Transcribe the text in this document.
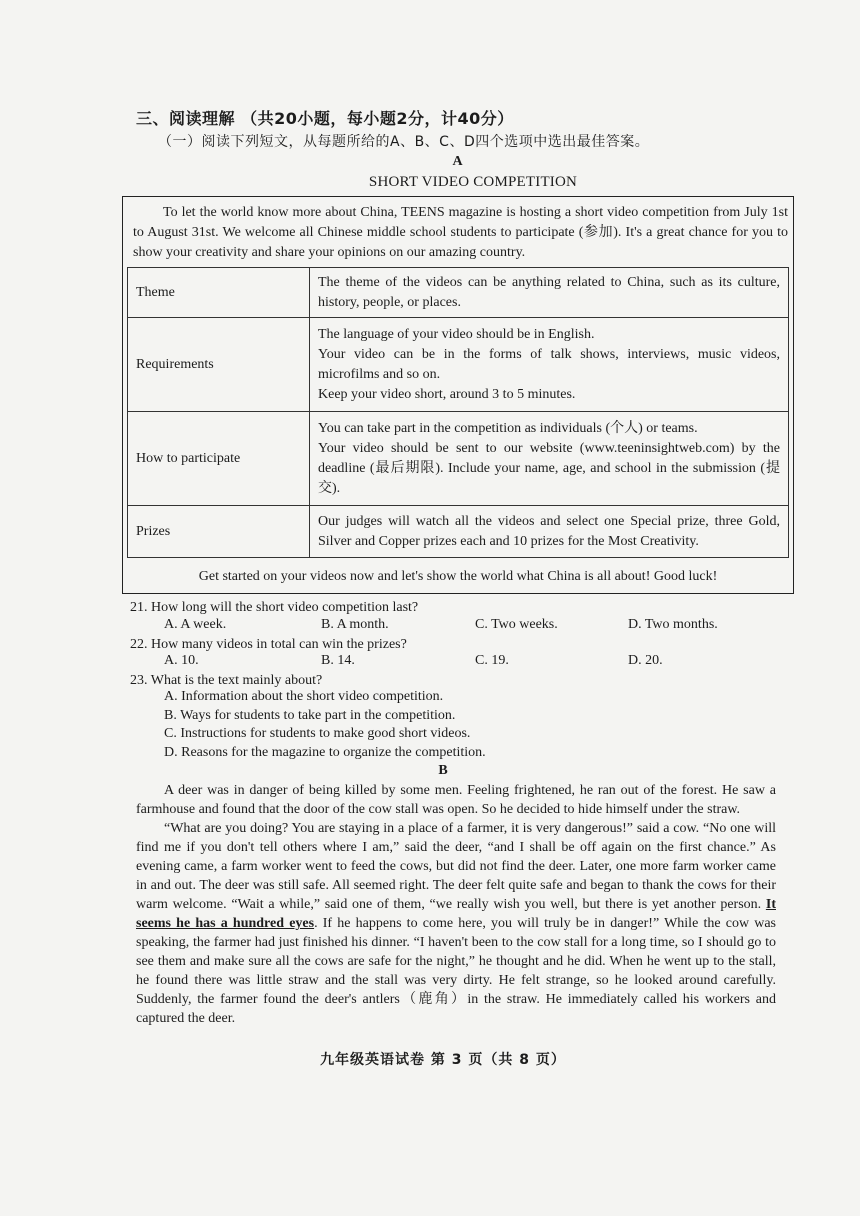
三、阅读理解 （共20小题，每小题2分，计40分）
（一）阅读下列短文，从每题所给的A、B、C、D四个选项中选出最佳答案。
A
SHORT VIDEO COMPETITION
To let the world know more about China, TEENS magazine is hosting a short video competition from July 1st to August 31st. We welcome all Chinese middle school students to participate (参加). It's a great chance for you to show your creativity and share your opinions on our amazing country.
Theme	The theme of the videos can be anything related to China, such as its culture, history, people, or places.

Requirements	The language of your video should be in English.
Your video can be in the forms of talk shows, interviews, music videos, microfilms and so on.
Keep your video short, around 3 to 5 minutes.

How to participate	You can take part in the competition as individuals (个人) or teams.
Your video should be sent to our website (www.teeninsightweb.com) by the deadline (最后期限). Include your name, age, and school in the submission (提交).

Prizes	Our judges will watch all the videos and select one Special prize, three Gold, Silver and Copper prizes each and 10 prizes for the Most Creativity.
Get started on your videos now and let's show the world what China is all about! Good luck!
21. How long will the short video competition last?
A. A week.	B. A month.	C. Two weeks.	D. Two months.
22. How many videos in total can win the prizes?
A. 10.	B. 14.	C. 19.	D. 20.
23. What is the text mainly about?
A. Information about the short video competition.
B. Ways for students to take part in the competition.
C. Instructions for students to make good short videos.
D. Reasons for the magazine to organize the competition.
B

A deer was in danger of being killed by some men. Feeling frightened, he ran out of the forest. He saw a farmhouse and found that the door of the cow stall was open. So he decided to hide himself under the straw.

“What are you doing? You are staying in a place of a farmer, it is very dangerous!” said a cow. “No one will find me if you don't tell others where I am,” said the deer, “and I shall be off again on the first chance.” As evening came, a farm worker went to feed the cows, but did not find the deer. Later, one more farm worker came in and out. The deer was still safe. All seemed right. The deer felt quite safe and began to thank the cows for their warm welcome. “Wait a while,” said one of them, “we really wish you well, but there is yet another person. It seems he has a hundred eyes. If he happens to come here, you will truly be in danger!” While the cow was speaking, the farmer had just finished his dinner. “I haven't been to the cow stall for a long time, so I should go to see them and make sure all the cows are safe for the night,” he thought and he did. When he went up to the stall, he found there was little straw and the stall was very dirty. He felt strange, so he looked around carefully. Suddenly, the farmer found the deer's antlers（鹿角）in the straw. He immediately called his workers and captured the deer.

九年级英语试卷 第 3 页（共 8 页）
